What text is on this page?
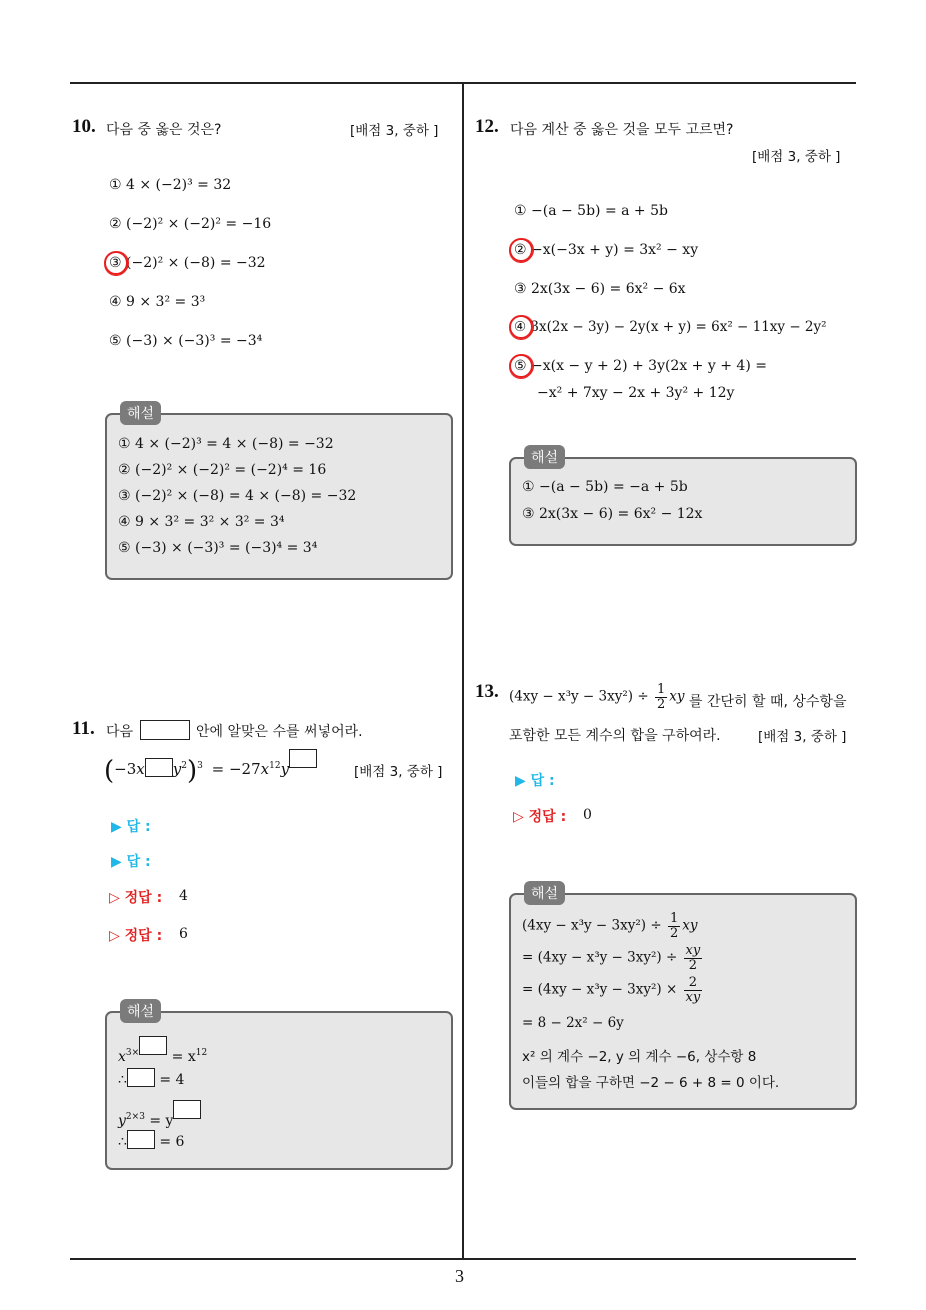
3
10. 다음 중 옳은 것은?	[배점 3, 중하 ]
① 4 × (−2)³ = 32
② (−2)² × (−2)² = −16
③ (−2)² × (−8) = −32
④ 9 × 3² = 3³
⑤ (−3) × (−3)³ = −3⁴
해설
① 4 × (−2)³ = 4 × (−8) = −32
② (−2)² × (−2)² = (−2)⁴ = 16
③ (−2)² × (−8) = 4 × (−8) = −32
④ 9 × 3² = 3² × 3² = 3⁴
⑤ (−3) × (−3)³ = (−3)⁴ = 3⁴
11. 다음	안에 알맞은 수를 써넣어라.
(−3x $y^2)^3 = -27x^{12}y$	[배점 3, 중하 ]
▶ 답 :
▶ 답 :
▷ 정답 : 4
▷ 정답 : 6
해설
$x^{3\times} = x^{12}$
∴ = 4
$y^{2\times 3} = y$
∴ = 6
12. 다음 계산 중 옳은 것을 모두 고르면?
[배점 3, 중하 ]
① −(a − 5b) = a + 5b
② −x(−3x + y) = 3x² − xy
③ 2x(3x − 6) = 6x² − 6x
④ 3x(2x − 3y) − 2y(x + y) = 6x² − 11xy − 2y²
⑤ −x(x − y + 2) + 3y(2x + y + 4) =
−x² + 7xy − 2x + 3y² + 12y
해설
① −(a − 5b) = −a + 5b
③ 2x(3x − 6) = 6x² − 12x
13. $(4xy - x^3y - 3xy^2) \div \frac{1}{2}$ xy 를 간단히 할 때, 상수항을
포함한 모든 계수의 합을 구하여라.	[배점 3, 중하 ]
▶ 답 :
▷ 정답 : 0
해설
$(4xy - x^3y - 3xy^2) \div \frac{1}{2}$ xy
= $(4xy - x^3y - 3xy^2) \div \frac{xy}{2}$
= $(4xy - x^3y - 3xy^2) \times \frac{2}{xy}$
= 8 − 2x² − 6y
x² 의 계수 −2, y 의 계수 −6, 상수항 8
이들의 합을 구하면 −2 − 6 + 8 = 0 이다.
